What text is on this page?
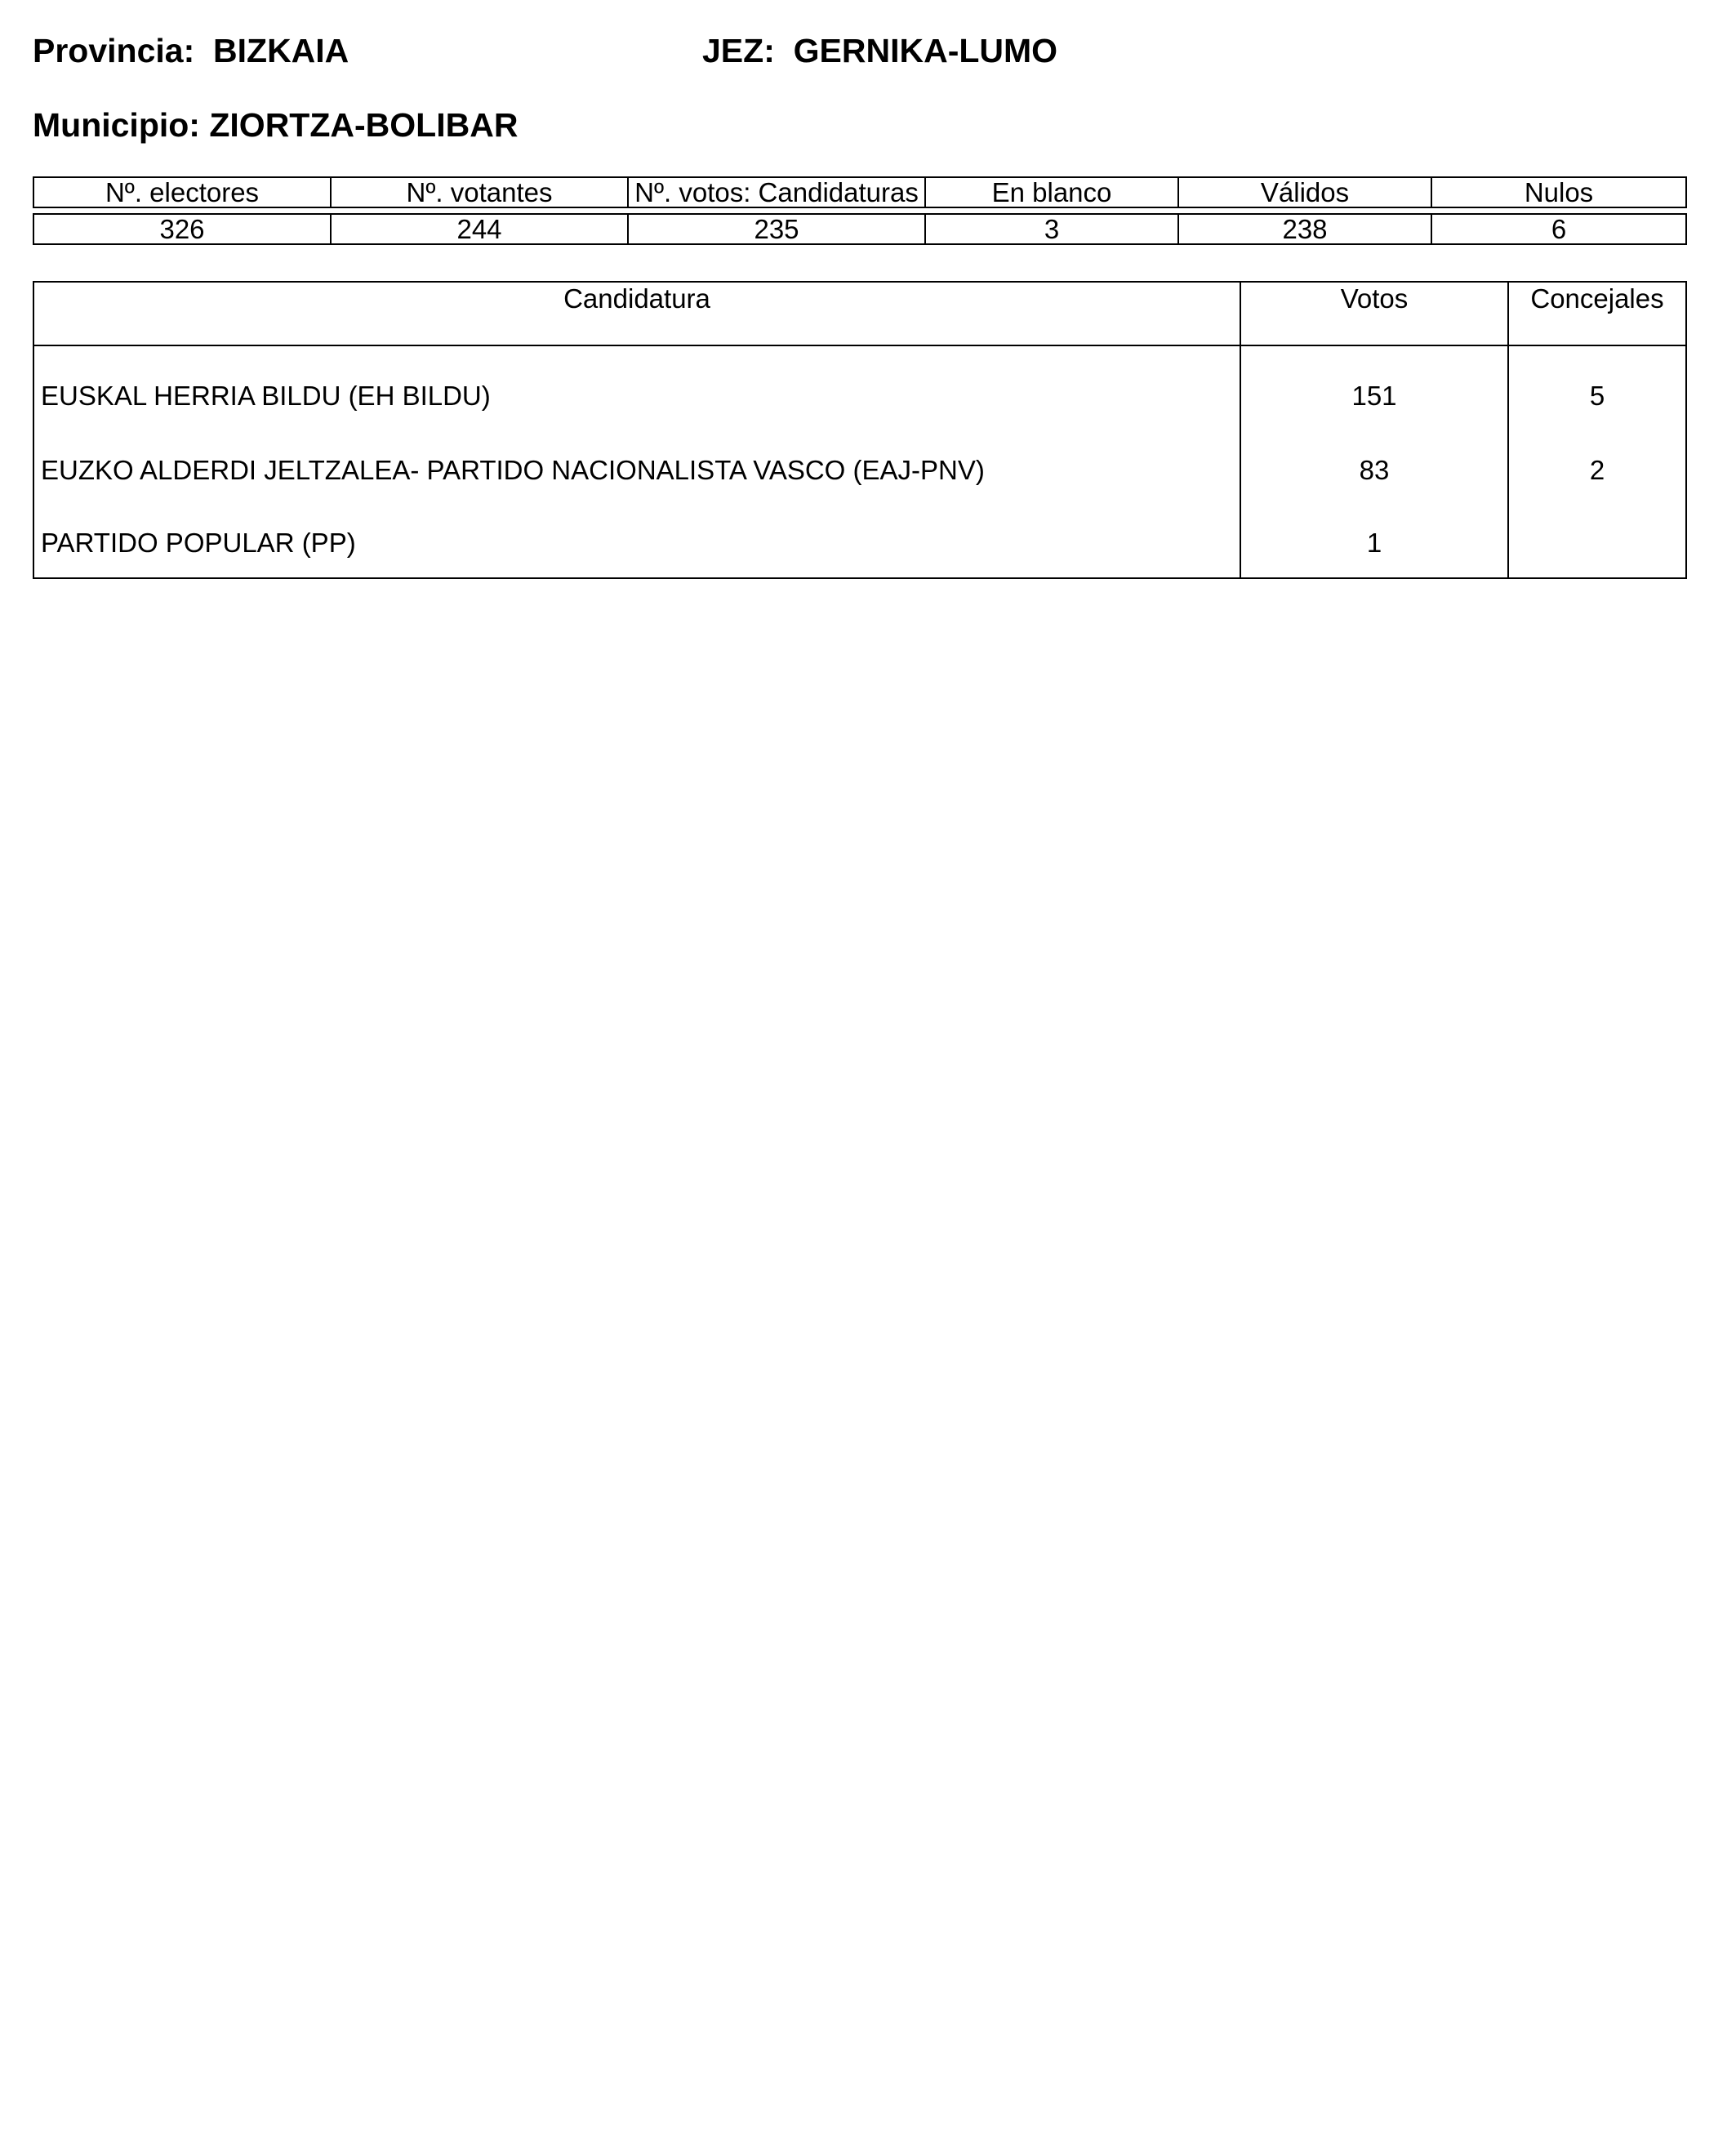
Provincia: BIZKAIA	JEZ: GERNIKA-LUMO
Municipio: ZIORTZA-BOLIBAR
Nº. electores	Nº. votantes	Nº. votos: Candidaturas	En blanco	Válidos	Nulos

326	244	235	3	238	6
Candidatura	Votos	Concejales
EUSKAL HERRIA BILDU (EH BILDU)	151	5
EUZKO ALDERDI JELTZALEA- PARTIDO NACIONALISTA VASCO (EAJ-PNV)	83	2
PARTIDO POPULAR (PP)	1	
